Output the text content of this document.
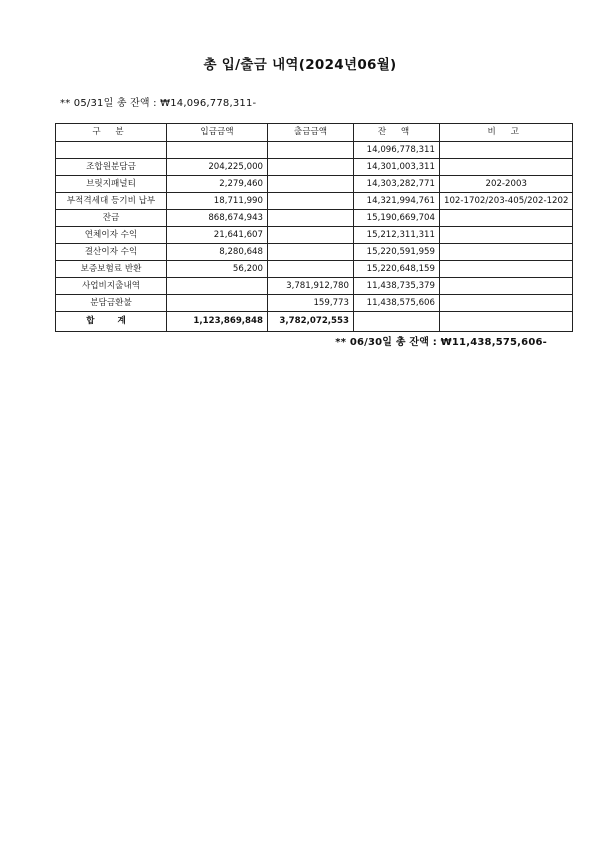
총 입/출금 내역(2024년06월)
** 05/31일 총 잔액 : ₩14,096,778,311-
구 분	입금금액	출금금액	잔 액	비 고
			14,096,778,311	
조합원분담금	204,225,000		14,301,003,311	
브릿지패널티	2,279,460		14,303,282,771	202-2003
부적격세대 등기비 납부	18,711,990		14,321,994,761	102-1702/203-405/202-1202
잔금	868,674,943		15,190,669,704	
연체이자 수익	21,641,607		15,212,311,311	
결산이자 수익	8,280,648		15,220,591,959	
보증보험료 반환	56,200		15,220,648,159	
사업비지출내역		3,781,912,780	11,438,735,379	
분담금환불		159,773	11,438,575,606	
합 계	1,123,869,848	3,782,072,553		
** 06/30일 총 잔액 : ₩11,438,575,606-
